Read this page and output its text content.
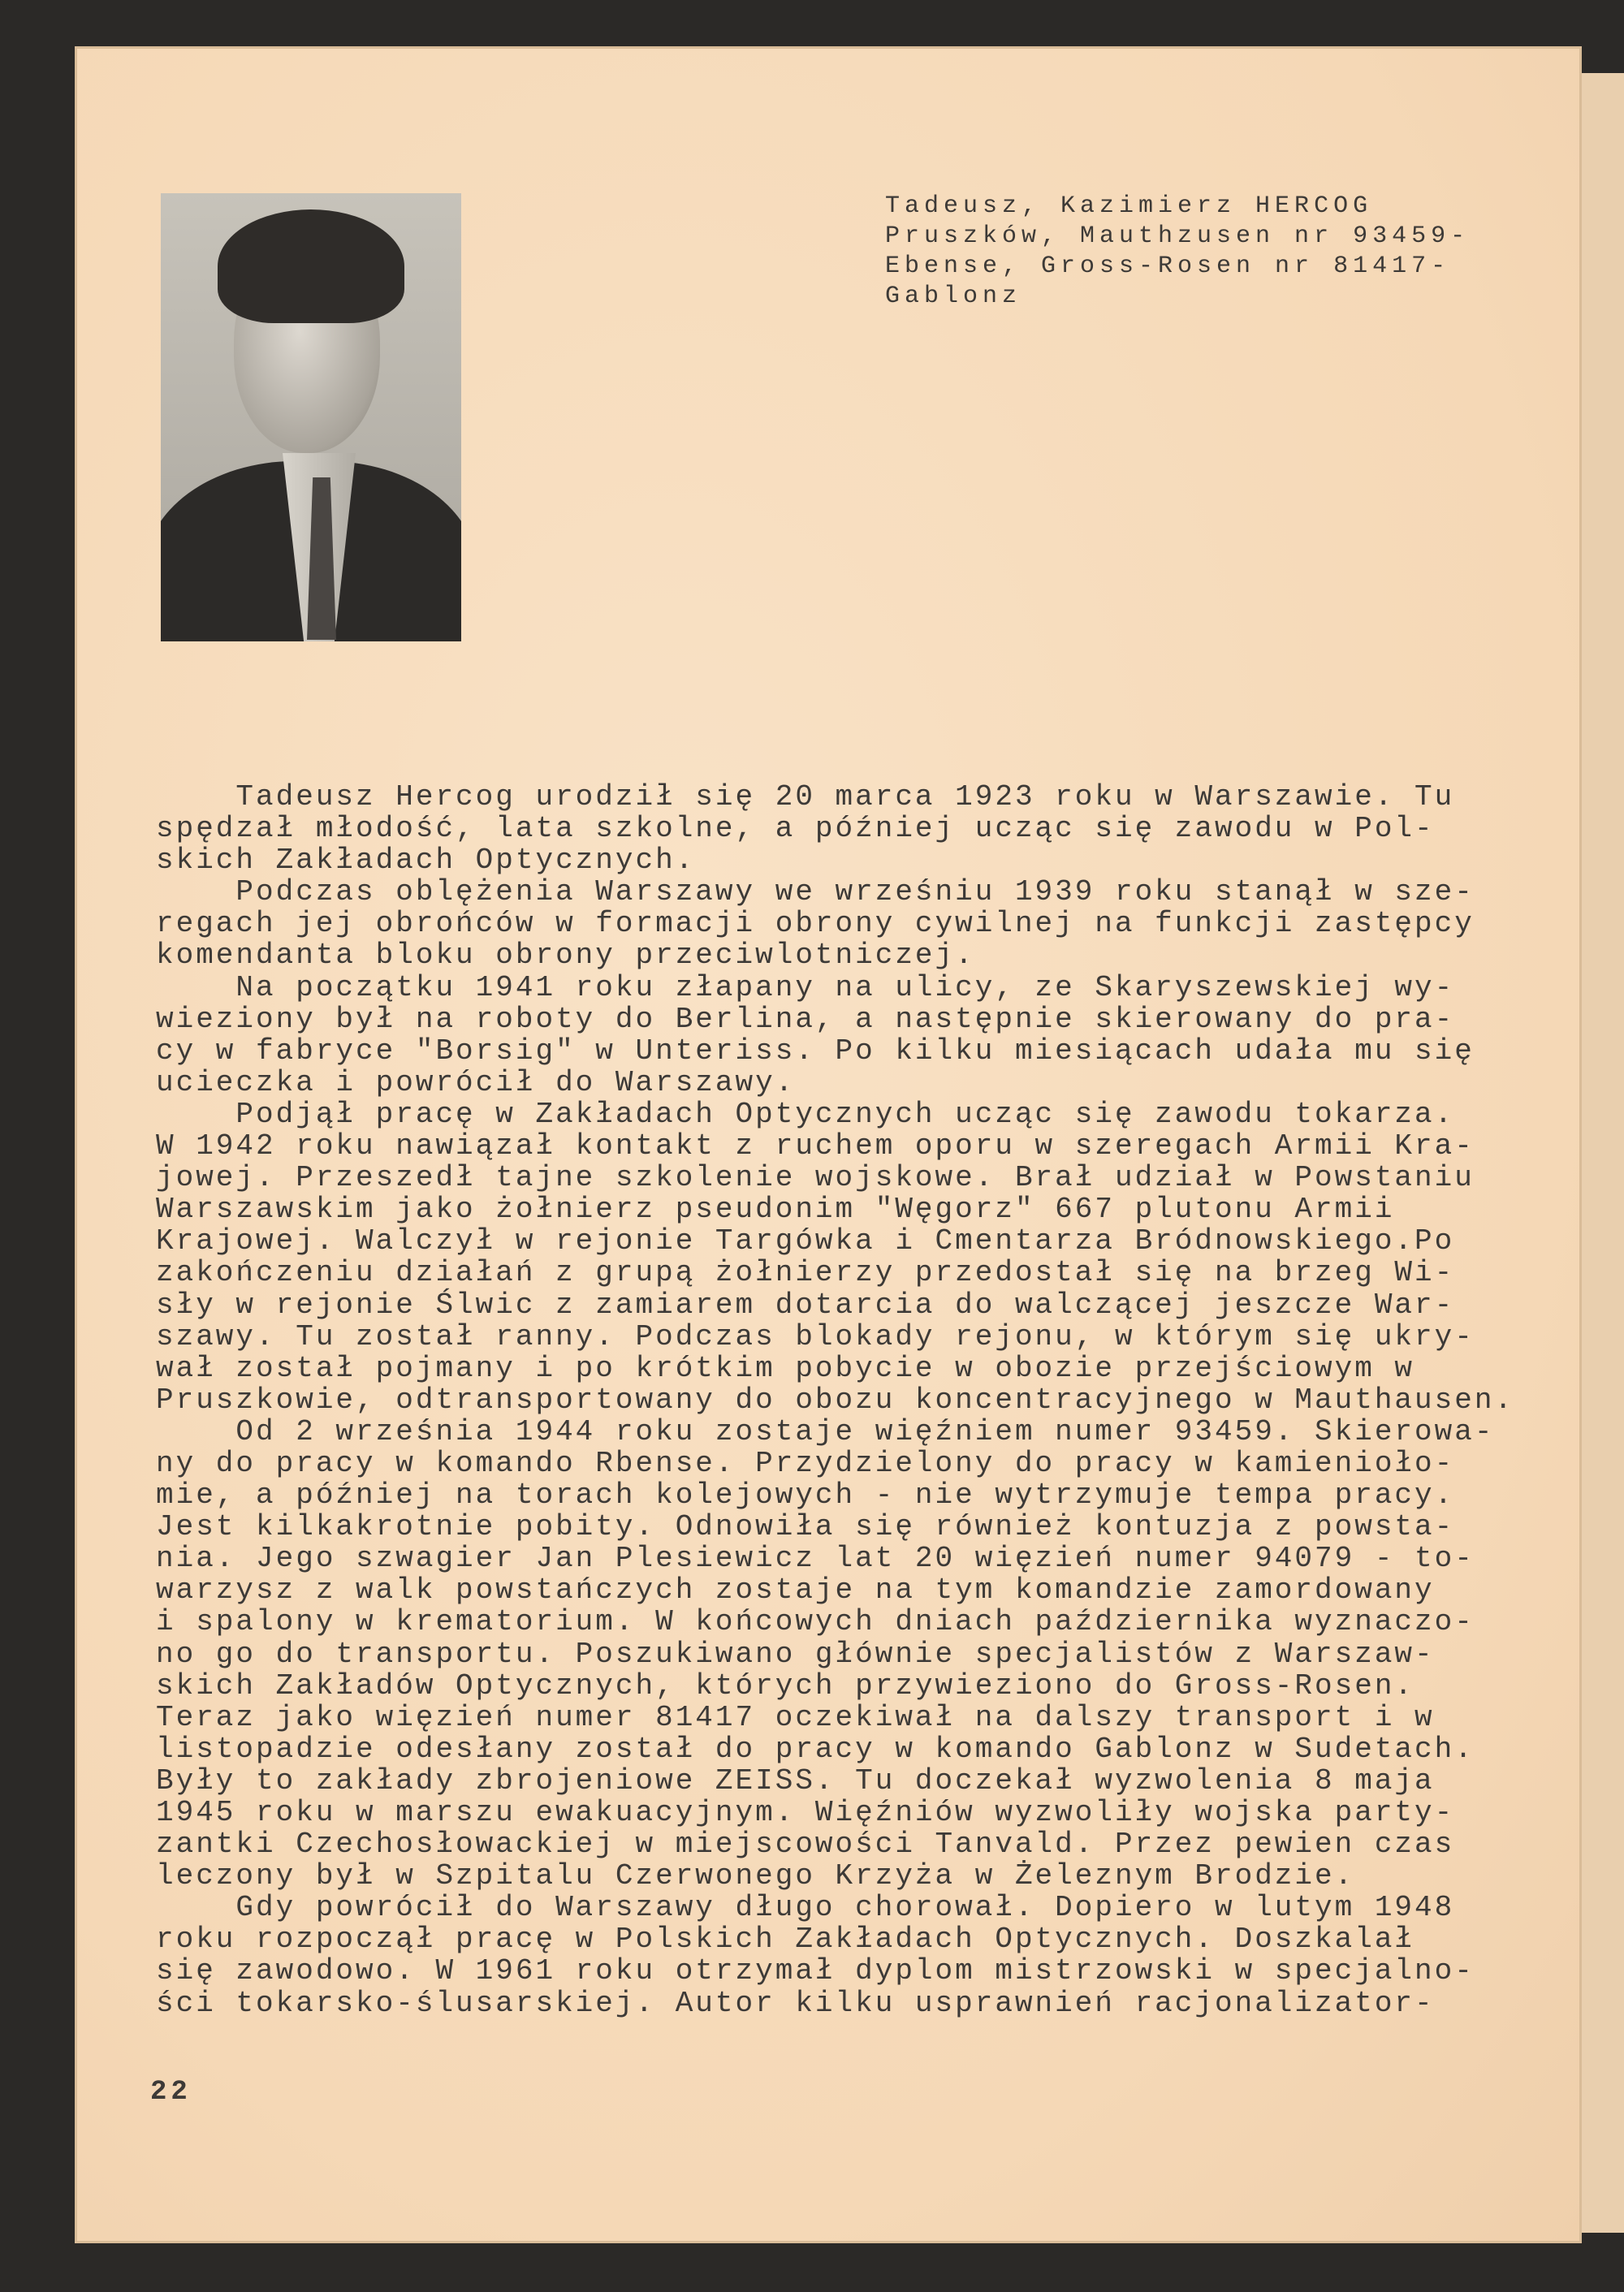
Tadeusz, Kazimierz HERCOG
Pruszków, Mauthzusen nr 93459-
Ebense, Gross-Rosen nr 81417-
Gablonz
Tadeusz Hercog urodził się 20 marca 1923 roku w Warszawie. Tu
spędzał młodość, lata szkolne, a później ucząc się zawodu w Pol-
skich Zakładach Optycznych.
Podczas oblężenia Warszawy we wrześniu 1939 roku stanął w sze-
regach jej obrońców w formacji obrony cywilnej na funkcji zastępcy
komendanta bloku obrony przeciwlotniczej.
Na początku 1941 roku złapany na ulicy, ze Skaryszewskiej wy-
wieziony był na roboty do Berlina, a następnie skierowany do pra-
cy w fabryce "Borsig" w Unteriss. Po kilku miesiącach udała mu się
ucieczka i powrócił do Warszawy.
Podjął pracę w Zakładach Optycznych ucząc się zawodu tokarza.
W 1942 roku nawiązał kontakt z ruchem oporu w szeregach Armii Kra-
jowej. Przeszedł tajne szkolenie wojskowe. Brał udział w Powstaniu
Warszawskim jako żołnierz pseudonim "Węgorz" 667 plutonu Armii
Krajowej. Walczył w rejonie Targówka i Cmentarza Bródnowskiego.Po
zakończeniu działań z grupą żołnierzy przedostał się na brzeg Wi-
sły w rejonie Ślwic z zamiarem dotarcia do walczącej jeszcze War-
szawy. Tu został ranny. Podczas blokady rejonu, w którym się ukry-
wał został pojmany i po krótkim pobycie w obozie przejściowym w
Pruszkowie, odtransportowany do obozu koncentracyjnego w Mauthausen.
Od 2 września 1944 roku zostaje więźniem numer 93459. Skierowa-
ny do pracy w komando Rbense. Przydzielony do pracy w kamienioło-
mie, a później na torach kolejowych - nie wytrzymuje tempa pracy.
Jest kilkakrotnie pobity. Odnowiła się również kontuzja z powsta-
nia. Jego szwagier Jan Plesiewicz lat 20 więzień numer 94079 - to-
warzysz z walk powstańczych zostaje na tym komandzie zamordowany
i spalony w krematorium. W końcowych dniach października wyznaczo-
no go do transportu. Poszukiwano głównie specjalistów z Warszaw-
skich Zakładów Optycznych, których przywieziono do Gross-Rosen.
Teraz jako więzień numer 81417 oczekiwał na dalszy transport i w
listopadzie odesłany został do pracy w komando Gablonz w Sudetach.
Były to zakłady zbrojeniowe ZEISS. Tu doczekał wyzwolenia 8 maja
1945 roku w marszu ewakuacyjnym. Więźniów wyzwoliły wojska party-
zantki Czechosłowackiej w miejscowości Tanvald. Przez pewien czas
leczony był w Szpitalu Czerwonego Krzyża w Żeleznym Brodzie.
Gdy powrócił do Warszawy długo chorował. Dopiero w lutym 1948
roku rozpoczął pracę w Polskich Zakładach Optycznych. Doszkalał
się zawodowo. W 1961 roku otrzymał dyplom mistrzowski w specjalno-
ści tokarsko-ślusarskiej. Autor kilku usprawnień racjonalizator-
22
